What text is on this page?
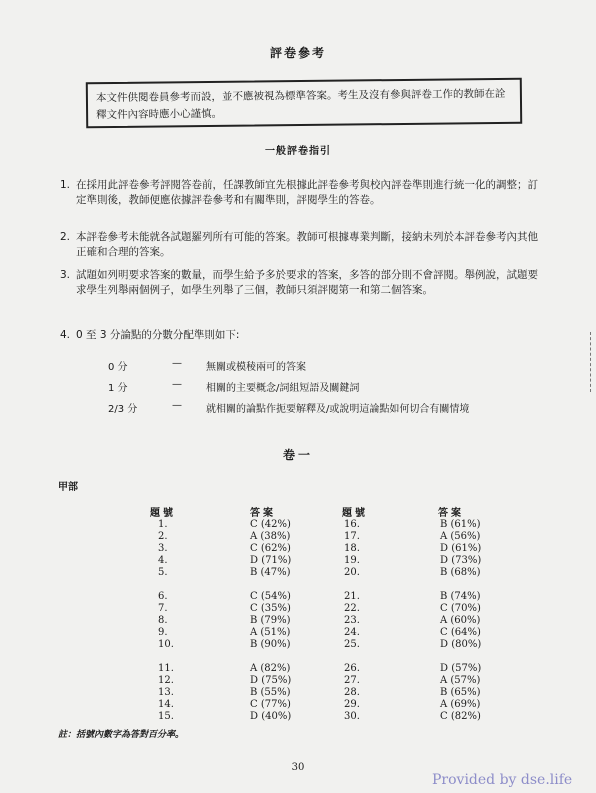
評卷參考
本文件供閱卷員參考而設，並不應被視為標準答案。考生及沒有參與評卷工作的教師在詮釋文件內容時應小心謹慎。
一般評卷指引
1. 在採用此評卷參考評閱答卷前，任課教師宜先根據此評卷參考與校內評卷準則進行統一化的調整；訂定準則後，教師便應依據評卷參考和有關準則，評閱學生的答卷。
2. 本評卷參考未能就各試題羅列所有可能的答案。教師可根據專業判斷，接納未列於本評卷參考內其他正確和合理的答案。
3. 試題如列明要求答案的數量，而學生給予多於要求的答案，多答的部分則不會評閱。舉例說，試題要求學生列舉兩個例子，如學生列舉了三個，教師只須評閱第一和第二個答案。
4. 0 至 3 分論點的分數分配準則如下:
0 分	— 無關或模稜兩可的答案
1 分	— 相關的主要概念/詞組短語及關鍵詞
2/3 分	— 就相關的論點作扼要解釋及/或說明這論點如何切合有關情境
卷一
甲部
題號	答案	題號	答案
1.	C (42%)	16.	B (61%)
2.	A (38%)	17.	A (56%)
3.	C (62%)	18.	D (61%)
4.	D (71%)	19.	D (73%)
5.	B (47%)	20.	B (68%)
6.	C (54%)	21.	B (74%)
7.	C (35%)	22.	C (70%)
8.	B (79%)	23.	A (60%)
9.	A (51%)	24.	C (64%)
10.	B (90%)	25.	D (80%)
11.	A (82%)	26.	D (57%)
12.	D (75%)	27.	A (57%)
13.	B (55%)	28.	B (65%)
14.	C (77%)	29.	A (69%)
15.	D (40%)	30.	C (82%)
註：括號內數字為答對百分率。
30
Provided by dse.life
